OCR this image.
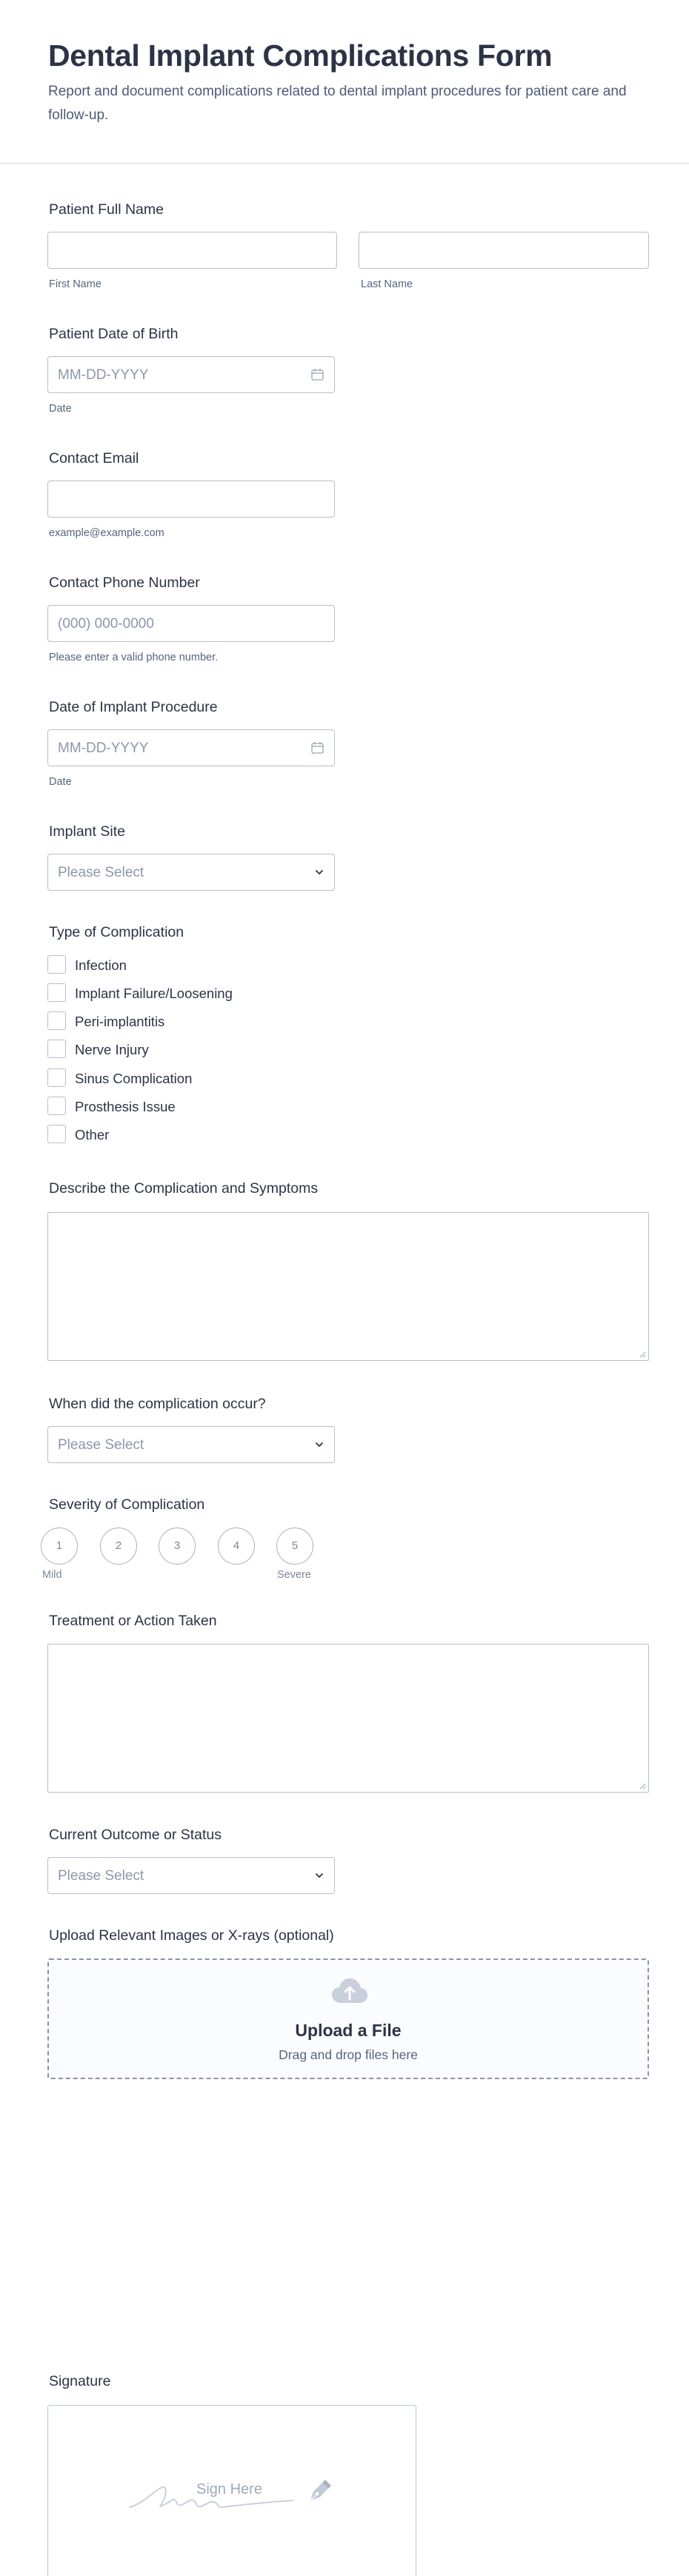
Dental Implant Complications Form

Report and document complications related to dental implant procedures for patient care and follow-up.

Patient Full Name
First Name	Last Name
Patient Date of Birth
MM-DD-YYYY
Date
Contact Email
example@example.com
Contact Phone Number
(000) 000-0000
Please enter a valid phone number.
Date of Implant Procedure
MM-DD-YYYY
Date
Implant Site
Please Select
Type of Complication
Infection
Implant Failure/Loosening
Peri-implantitis
Nerve Injury
Sinus Complication
Prosthesis Issue
Other
Describe the Complication and Symptoms
When did the complication occur?
Please Select
Severity of Complication
1	2	3	4	5
Mild	Severe
Treatment or Action Taken
Current Outcome or Status
Please Select
Upload Relevant Images or X-rays (optional)
Upload a File
Drag and drop files here
Signature
Sign Here
